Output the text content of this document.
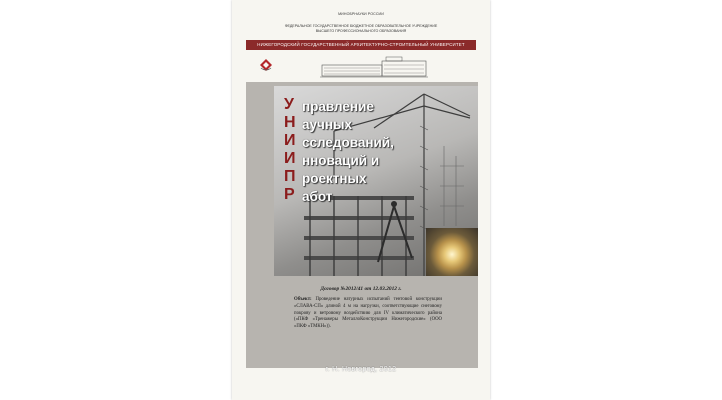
МИНОБРНАУКИ РОССИИ
ФЕДЕРАЛЬНОЕ ГОСУДАРСТВЕННОЕ БЮДЖЕТНОЕ ОБРАЗОВАТЕЛЬНОЕ УЧРЕЖДЕНИЕ
ВЫСШЕГО ПРОФЕССИОНАЛЬНОГО ОБРАЗОВАНИЯ
НИЖЕГОРОДСКИЙ ГОСУДАРСТВЕННЫЙ АРХИТЕКТУРНО-СТРОИТЕЛЬНЫЙ УНИВЕРСИТЕТ
У
Н
И
И
П
Р
правление
аучных
сследований,
нноваций и
роектных
абот
Договор №2012/41 от 12.03.2012 г.
Объект: Проведение натурных испытаний тентовой конструкции «СЛАВА-СП» длиной 4 м на нагрузки, соответствующие снеговому покрову и ветровому воздействию для IV климатического района («ПКФ «Тренажеры МеталлоКонструкции Нижегородские» (ООО «ПКФ «ТМКН»)).
г. Н. Новгород, 2012
